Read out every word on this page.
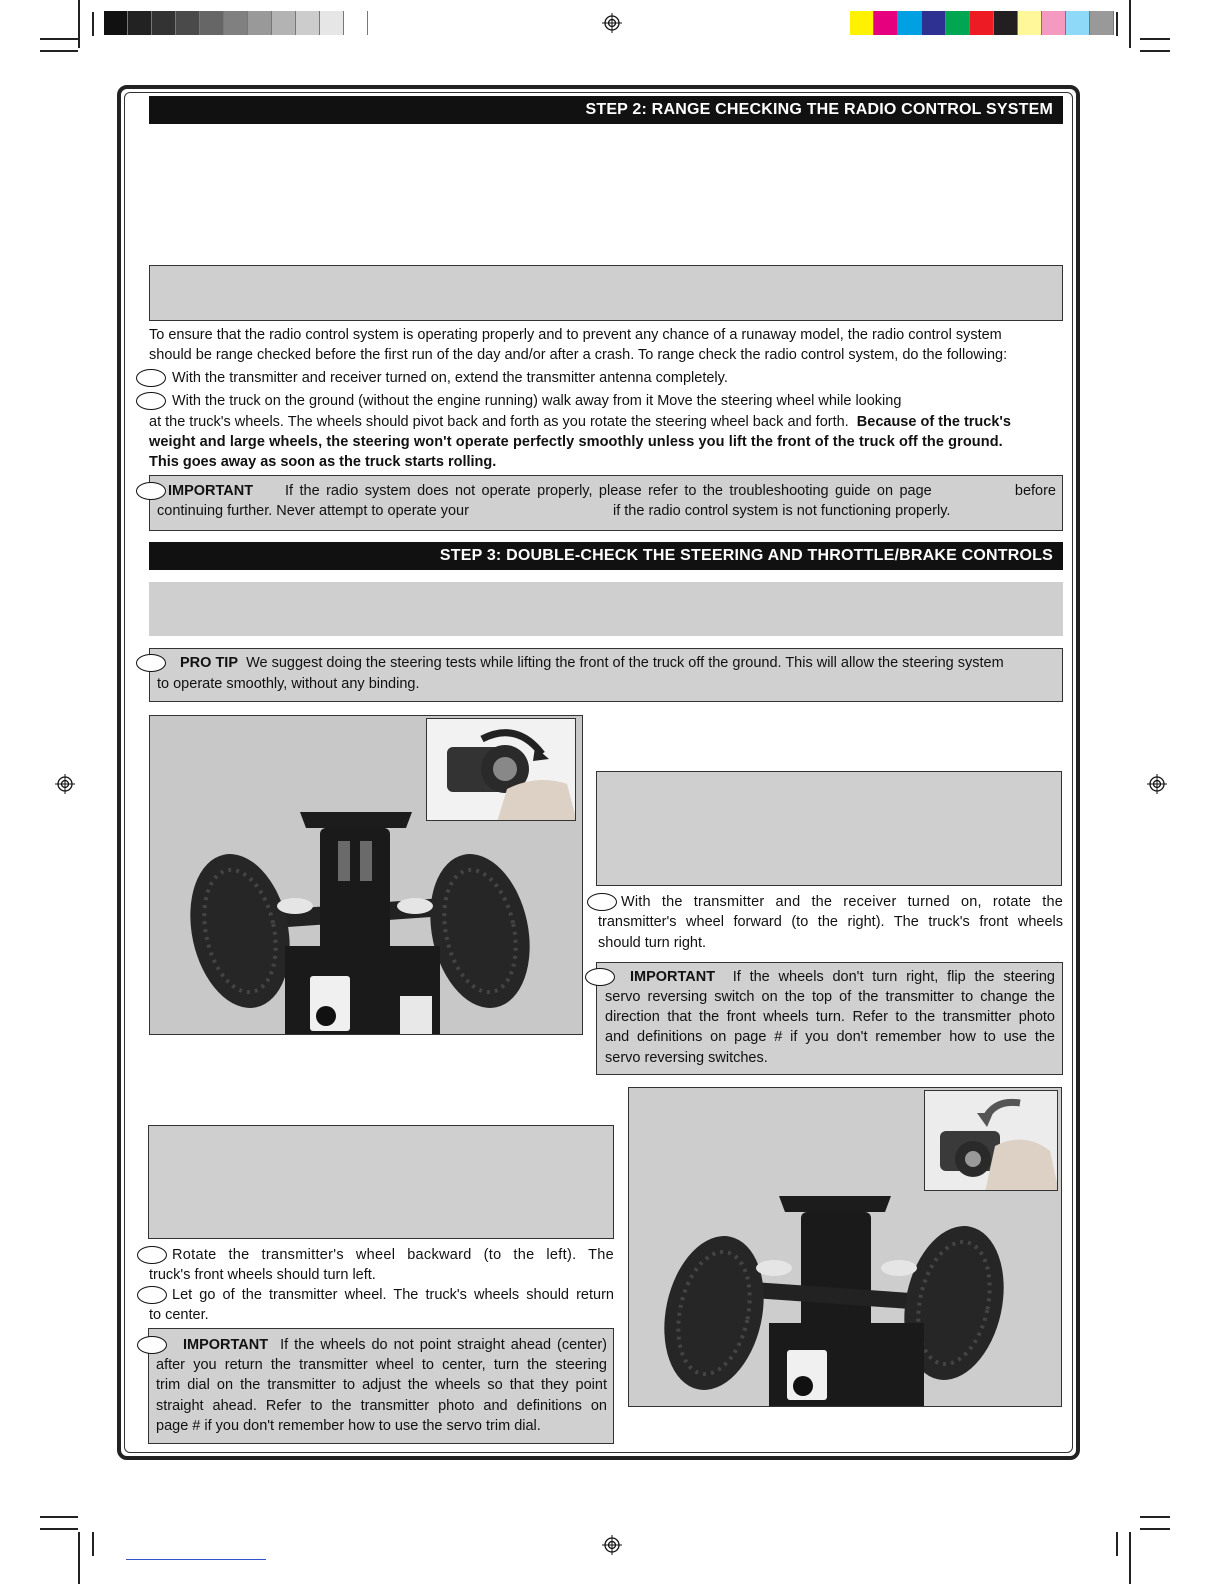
STEP 2: RANGE CHECKING THE RADIO CONTROL SYSTEM
To ensure that the radio control system is operating properly and to prevent any chance of a runaway model, the radio control system
should be range checked before the first run of the day and/or after a crash. To range check the radio control system, do the following:
With the transmitter and receiver turned on, extend the transmitter antenna completely.
With the truck on the ground (without the engine running) walk away from it Move the steering wheel while looking
at the truck's wheels. The wheels should pivot back and forth as you rotate the steering wheel back and forth. Because of the truck's
weight and large wheels, the steering won't operate perfectly smoothly unless you lift the front of the truck off the ground.
This goes away as soon as the truck starts rolling.
IMPORTANT If the radio system does not operate properly, please refer to the troubleshooting guide on page	before
continuing further. Never attempt to operate your	if the radio control system is not functioning properly.
STEP 3: DOUBLE-CHECK THE STEERING AND THROTTLE/BRAKE CONTROLS
PRO TIP We suggest doing the steering tests while lifting the front of the truck off the ground. This will allow the steering system
to operate smoothly, without any binding.
With the transmitter and the receiver turned on, rotate the
transmitter's wheel forward (to the right). The truck's front wheels
should turn right.
IMPORTANT If the wheels don't turn right, flip the steering
servo reversing switch on the top of the transmitter to change the
direction that the front wheels turn. Refer to the transmitter photo
and definitions on page # if you don't remember how to use the
servo reversing switches.
Rotate the transmitter's wheel backward (to the left). The
truck's front wheels should turn left.
Let go of the transmitter wheel. The truck's wheels should return
to center.
IMPORTANT If the wheels do not point straight ahead (center)
after you return the transmitter wheel to center, turn the steering
trim dial on the transmitter to adjust the wheels so that they point
straight ahead. Refer to the transmitter photo and definitions on
page # if you don't remember how to use the servo trim dial.
